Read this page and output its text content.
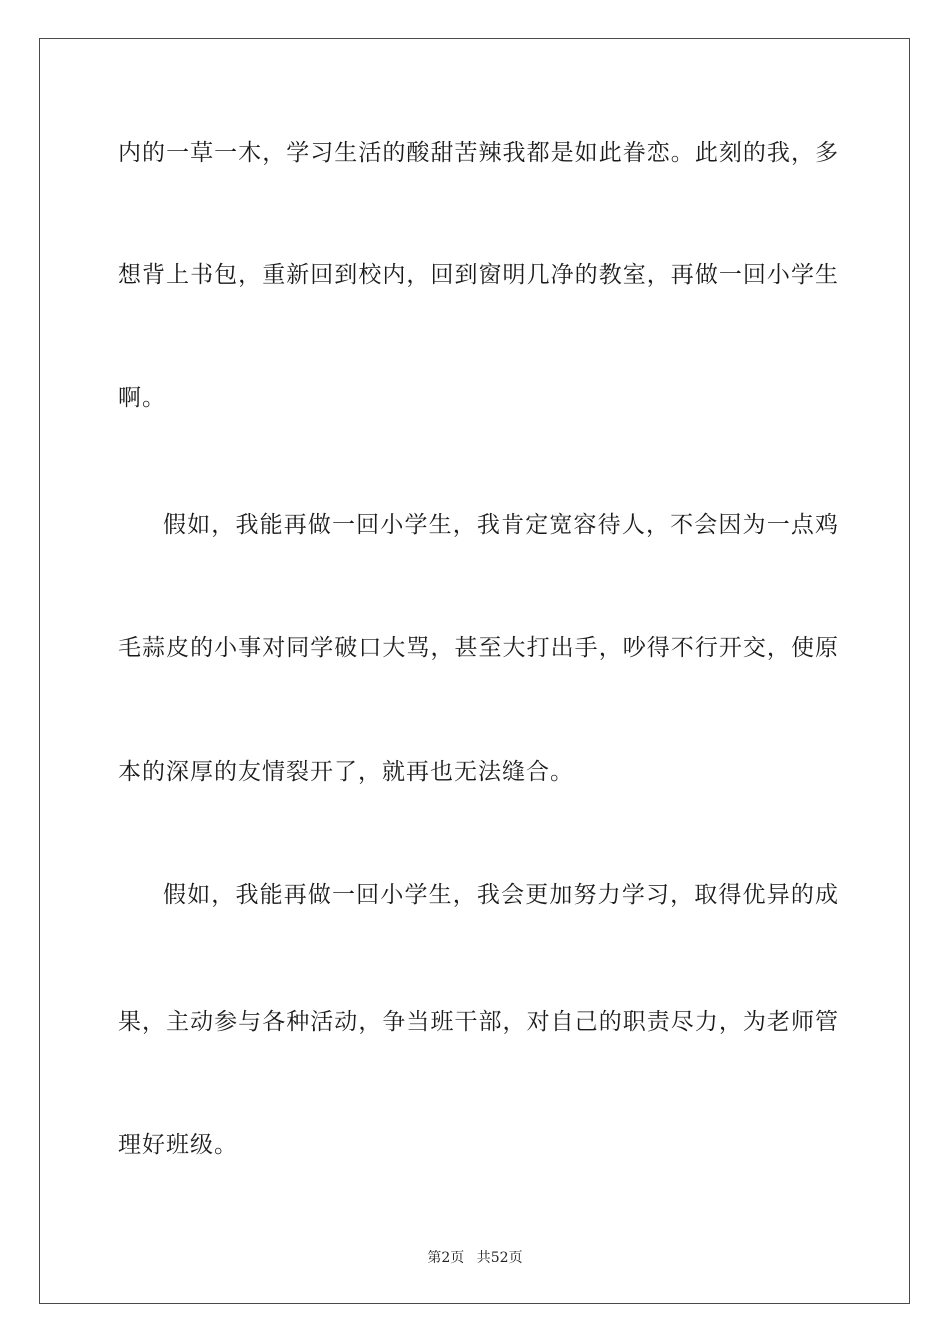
内的一草一木，学习生活的酸甜苦辣我都是如此眷恋。此刻的我，多
想背上书包，重新回到校内，回到窗明几净的教室，再做一回小学生
啊。
假如，我能再做一回小学生，我肯定宽容待人，不会因为一点鸡
毛蒜皮的小事对同学破口大骂，甚至大打出手，吵得不行开交，使原
本的深厚的友情裂开了，就再也无法缝合。
假如，我能再做一回小学生，我会更加努力学习，取得优异的成
果，主动参与各种活动，争当班干部，对自己的职责尽力，为老师管
理好班级。
第2页 共52页
